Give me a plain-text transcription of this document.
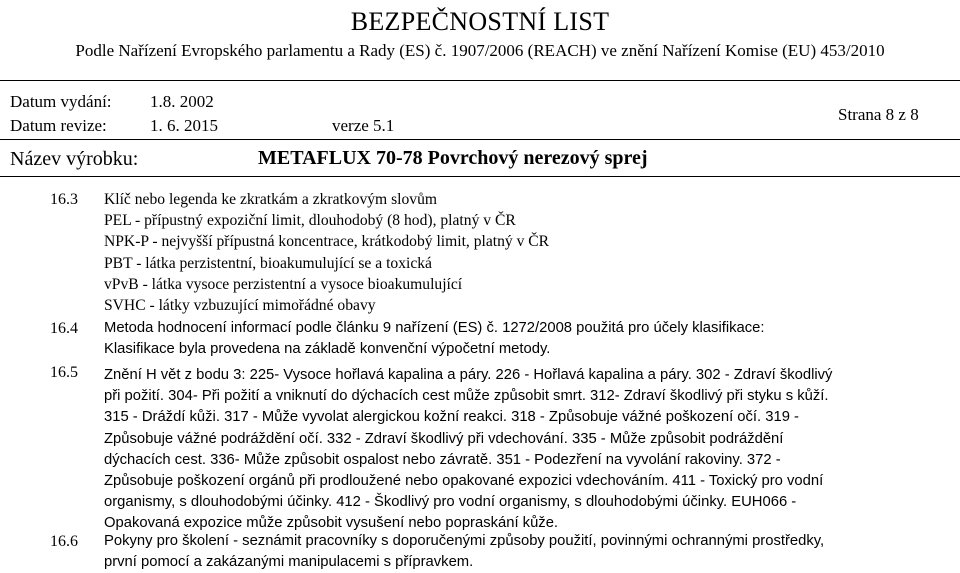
BEZPEČNOSTNÍ LIST
Podle Nařízení Evropského parlamentu a Rady (ES) č. 1907/2006 (REACH) ve znění Nařízení Komise (EU) 453/2010
Datum vydání: 1.8. 2002
Datum revize:	1. 6. 2015	verze 5.1
Strana 8 z 8
Název výrobku:	METAFLUX 70-78 Povrchový nerezový sprej
16.3 Klíč nebo legenda ke zkratkám a zkratkovým slovům
PEL - přípustný expoziční limit, dlouhodobý (8 hod), platný v ČR
NPK-P - nejvyšší přípustná koncentrace, krátkodobý limit, platný v ČR
PBT - látka perzistentní, bioakumulující se a toxická
vPvB - látka vysoce perzistentní a vysoce bioakumulující
SVHC - látky vzbuzující mimořádné obavy
16.4 Metoda hodnocení informací podle článku 9 nařízení (ES) č. 1272/2008 použitá pro účely klasifikace:
Klasifikace byla provedena na základě konvenční výpočetní metody.
16.5 Znění H vět z bodu 3: 225- Vysoce hořlavá kapalina a páry. 226 - Hořlavá kapalina a páry. 302 - Zdraví škodlivý
při požití. 304- Při požití a vniknutí do dýchacích cest může způsobit smrt. 312- Zdraví škodlivý při styku s kůží.
315 - Dráždí kůži. 317 - Může vyvolat alergickou kožní reakci. 318 - Způsobuje vážné poškození očí. 319 -
Způsobuje vážné podráždění očí. 332 - Zdraví škodlivý při vdechování. 335 - Může způsobit podráždění
dýchacích cest. 336- Může způsobit ospalost nebo závratě. 351 - Podezření na vyvolání rakoviny. 372 -
Způsobuje poškození orgánů při prodloužené nebo opakované expozici vdechováním. 411 - Toxický pro vodní
organismy, s dlouhodobými účinky. 412 - Škodlivý pro vodní organismy, s dlouhodobými účinky. EUH066 -
Opakovaná expozice může způsobit vysušení nebo popraskání kůže.
16.6 Pokyny pro školení - seznámit pracovníky s doporučenými způsoby použití, povinnými ochrannými prostředky,
první pomocí a zakázanými manipulacemi s přípravkem.
